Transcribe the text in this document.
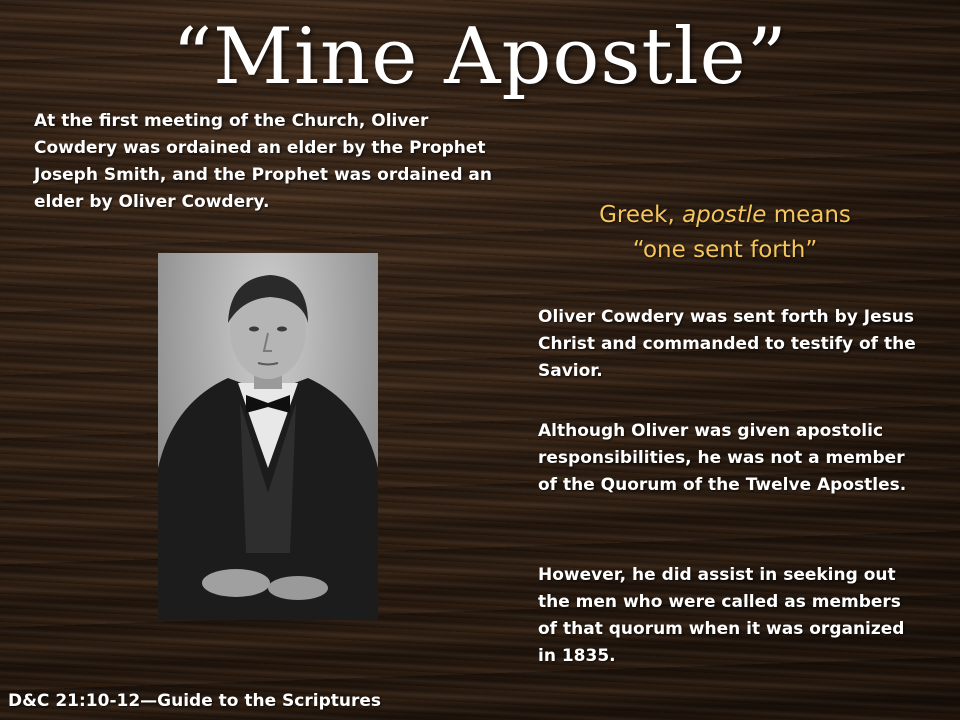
“Mine Apostle”

At the first meeting of the Church, Oliver Cowdery was ordained an elder by the Prophet Joseph Smith, and the Prophet was ordained an elder by Oliver Cowdery.	Greek, apostle means
“one sent forth”

Oliver Cowdery was sent forth by Jesus Christ and commanded to testify of the Savior.

Although Oliver was given apostolic responsibilities, he was not a member of the Quorum of the Twelve Apostles.

However, he did assist in seeking out the men who were called as members of that quorum when it was organized in 1835.

D&C 21:10-12—Guide to the Scriptures
